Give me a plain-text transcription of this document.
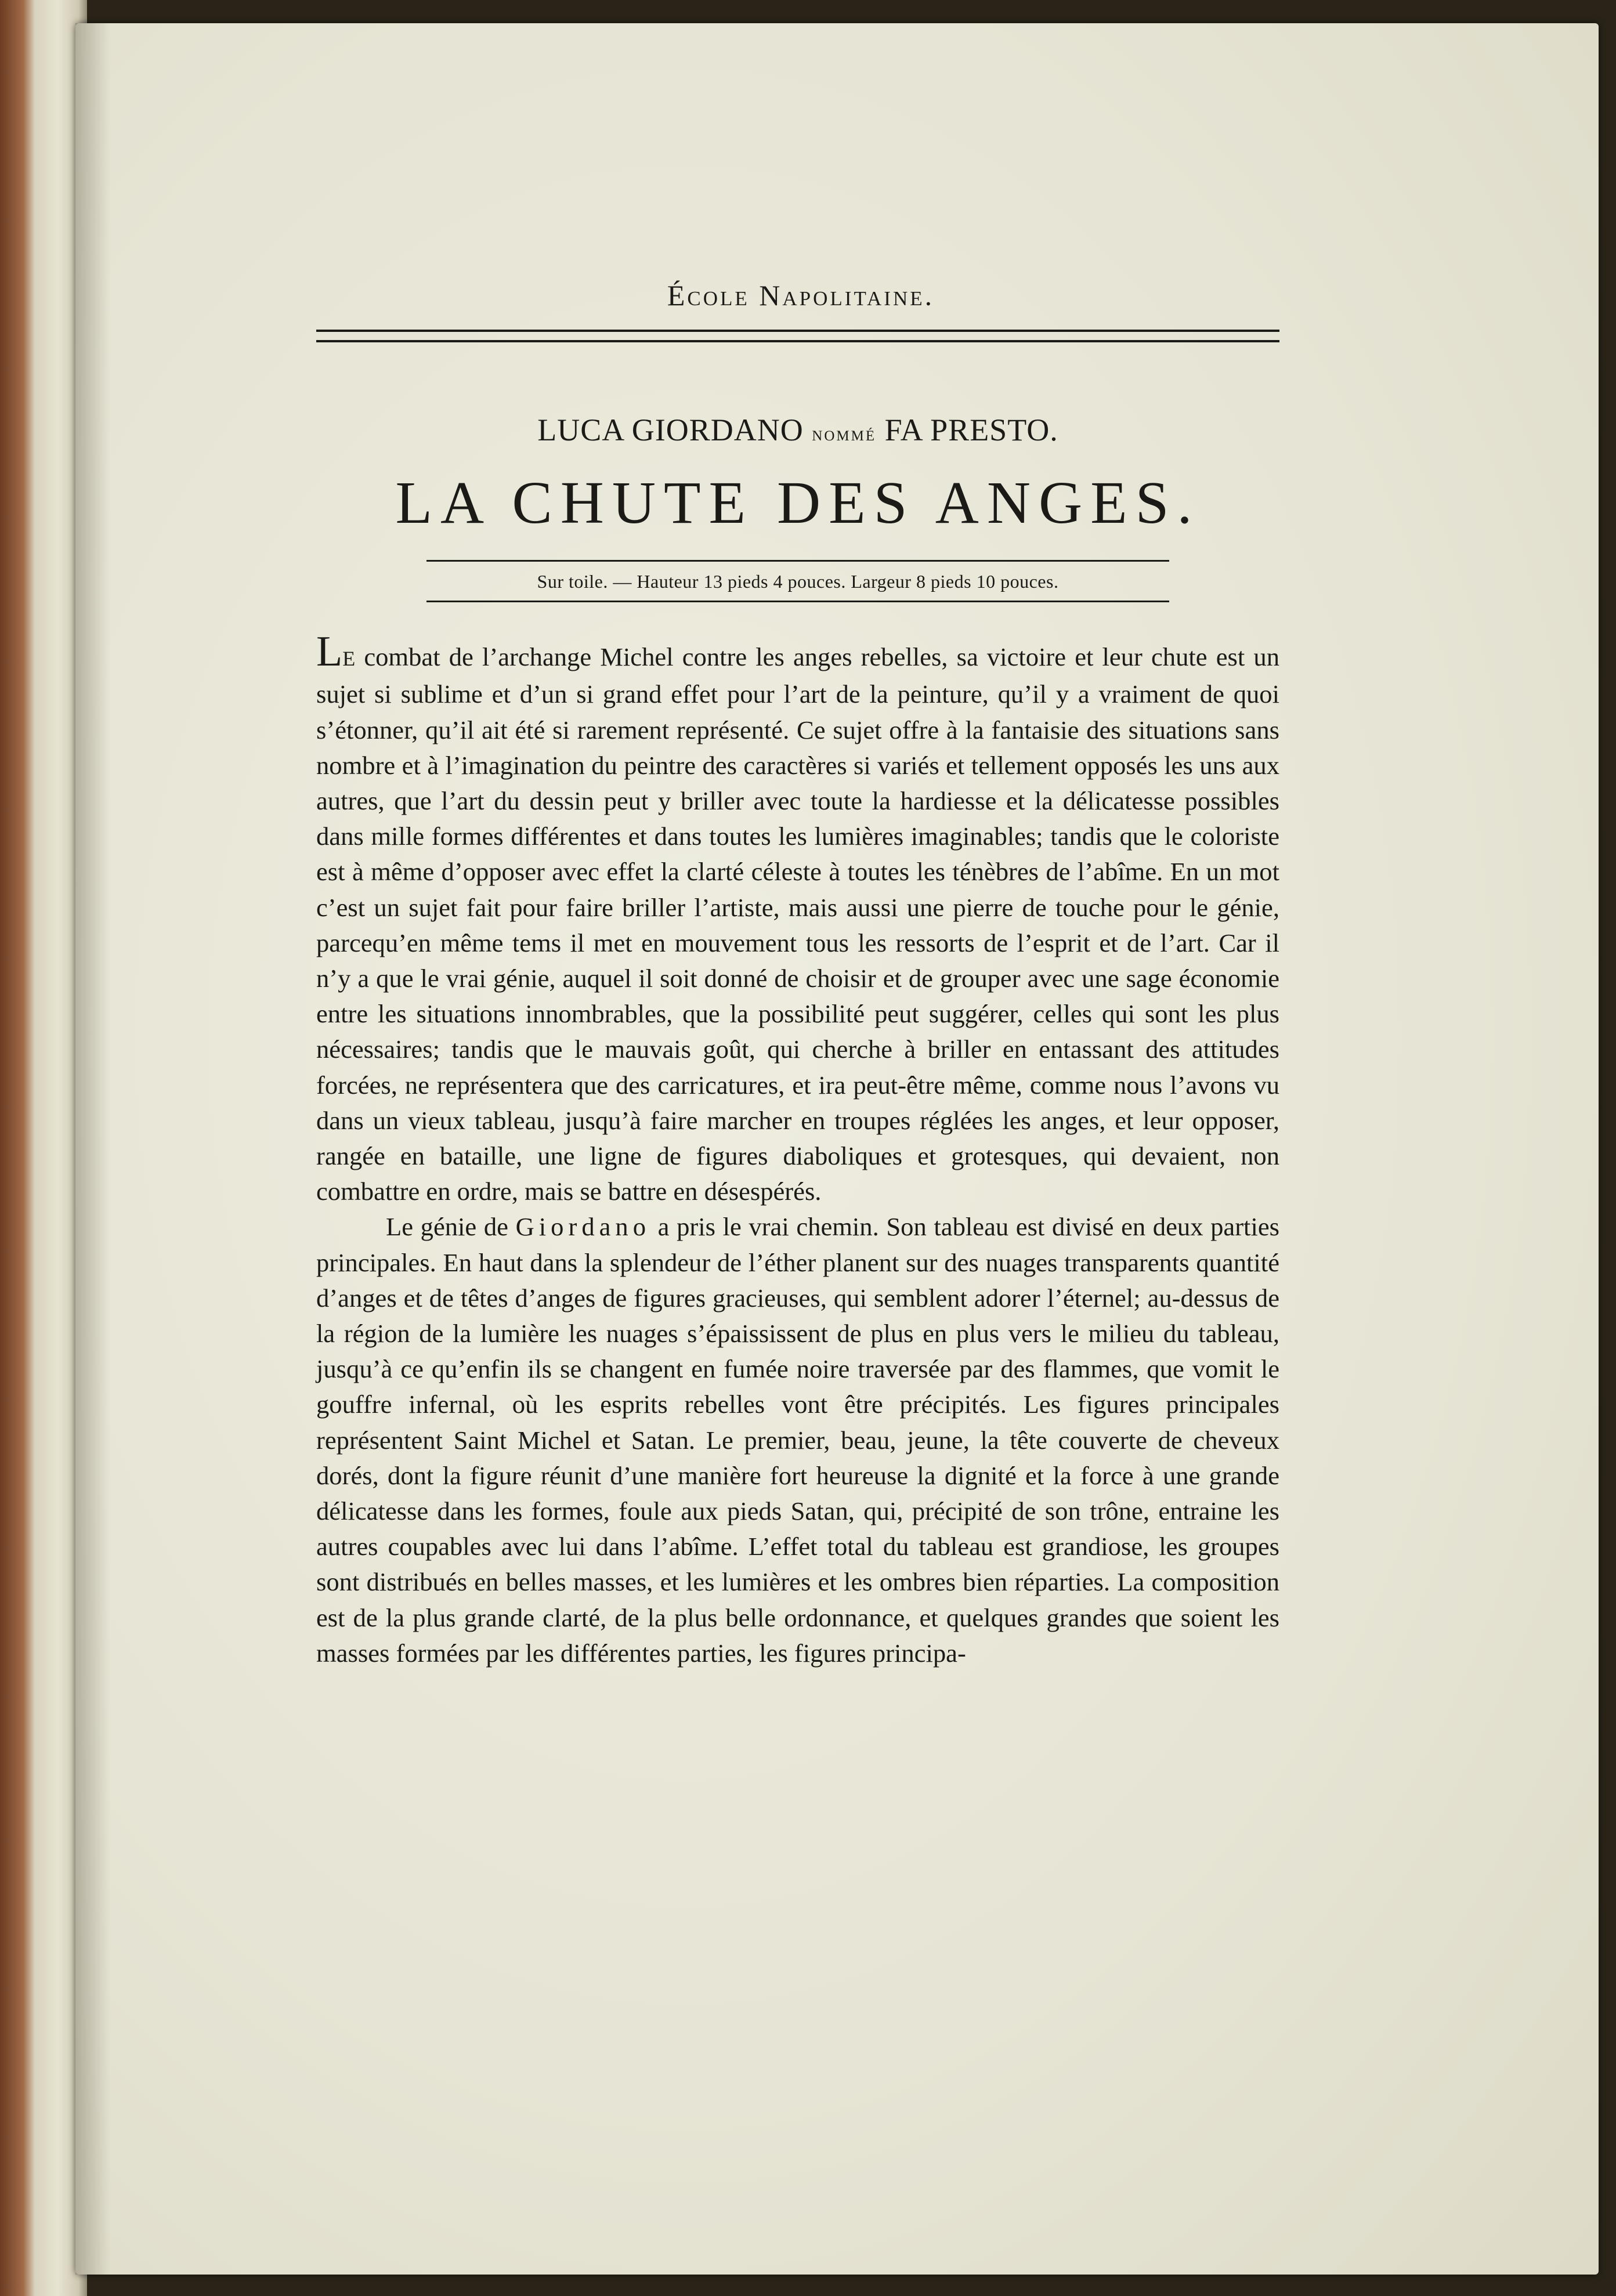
École Napolitaine.
LUCA GIORDANO nommé FA PRESTO.
LA CHUTE DES ANGES.
Sur toile. — Hauteur 13 pieds 4 pouces. Largeur 8 pieds 10 pouces.

LE combat de l’archange Michel contre les anges rebelles, sa victoire et leur chute est un sujet si sublime et d’un si grand effet pour l’art de la peinture, qu’il y a vraiment de quoi s’étonner, qu’il ait été si rarement représenté. Ce sujet offre à la fantaisie des situations sans nombre et à l’imagination du peintre des caractères si variés et tellement opposés les uns aux autres, que l’art du dessin peut y briller avec toute la hardiesse et la délicatesse possibles dans mille formes différentes et dans toutes les lumières imaginables; tandis que le coloriste est à même d’opposer avec effet la clarté céleste à toutes les ténèbres de l’abîme. En un mot c’est un sujet fait pour faire briller l’artiste, mais aussi une pierre de touche pour le génie, parcequ’en même tems il met en mouvement tous les ressorts de l’esprit et de l’art. Car il n’y a que le vrai génie, auquel il soit donné de choisir et de grouper avec une sage économie entre les situations innombrables, que la possibilité peut suggérer, celles qui sont les plus nécessaires; tandis que le mauvais goût, qui cherche à briller en entassant des attitudes forcées, ne représentera que des carricatures, et ira peut-être même, comme nous l’avons vu dans un vieux tableau, jusqu’à faire marcher en troupes réglées les anges, et leur opposer, rangée en bataille, une ligne de figures diaboliques et grotesques, qui devaient, non combattre en ordre, mais se battre en désespérés.

Le génie de Giordano a pris le vrai chemin. Son tableau est divisé en deux parties principales. En haut dans la splendeur de l’éther planent sur des nuages transparents quantité d’anges et de têtes d’anges de figures gracieuses, qui semblent adorer l’éternel; au-dessus de la région de la lumière les nuages s’épaississent de plus en plus vers le milieu du tableau, jusqu’à ce qu’enfin ils se changent en fumée noire traversée par des flammes, que vomit le gouffre infernal, où les esprits rebelles vont être précipités. Les figures principales représentent Saint Michel et Satan. Le premier, beau, jeune, la tête couverte de cheveux dorés, dont la figure réunit d’une manière fort heureuse la dignité et la force à une grande délicatesse dans les formes, foule aux pieds Satan, qui, précipité de son trône, entraine les autres coupables avec lui dans l’abîme. L’effet total du tableau est grandiose, les groupes sont distribués en belles masses, et les lumières et les ombres bien réparties. La composition est de la plus grande clarté, de la plus belle ordonnance, et quelques grandes que soient les masses formées par les différentes parties, les figures principa-
